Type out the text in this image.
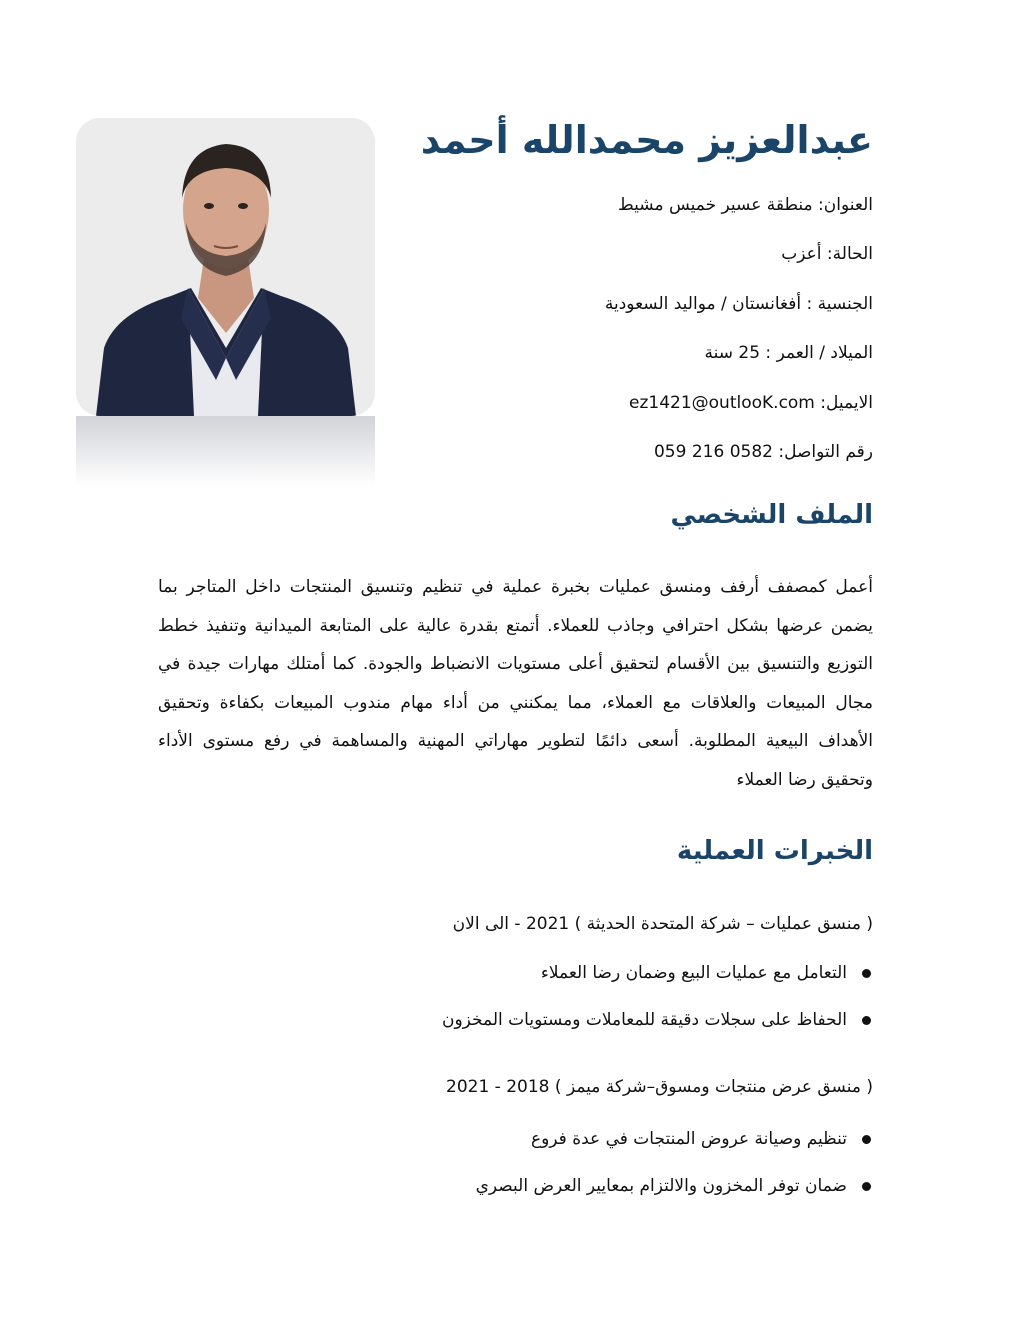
عبدالعزيز محمدالله أحمد
العنوان: منطقة عسير خميس مشيط
الحالة: أعزب
الجنسية : أفغانستان / مواليد السعودية
الميلاد / العمر : 25 سنة
الايميل: ez1421@outlooK.com
رقم التواصل: 0582 216 059
الملف الشخصي

أعمل كمصفف أرفف ومنسق عمليات بخبرة عملية في تنظيم وتنسيق المنتجات داخل المتاجر بما يضمن عرضها بشكل احترافي وجاذب للعملاء. أتمتع بقدرة عالية على المتابعة الميدانية وتنفيذ خطط التوزيع والتنسيق بين الأقسام لتحقيق أعلى مستويات الانضباط والجودة. كما أمتلك مهارات جيدة في مجال المبيعات والعلاقات مع العملاء، مما يمكنني من أداء مهام مندوب المبيعات بكفاءة وتحقيق الأهداف البيعية المطلوبة. أسعى دائمًا لتطوير مهاراتي المهنية والمساهمة في رفع مستوى الأداء وتحقيق رضا العملاء

الخبرات العملية

( منسق عمليات – شركة المتحدة الحديثة ) 2021 - الى الان

التعامل مع عمليات البيع وضمان رضا العملاء
الحفاظ على سجلات دقيقة للمعاملات ومستويات المخزون

( منسق عرض منتجات ومسوق–شركة ميمز ) 2018 - 2021

تنظيم وصيانة عروض المنتجات في عدة فروع
ضمان توفر المخزون والالتزام بمعايير العرض البصري
